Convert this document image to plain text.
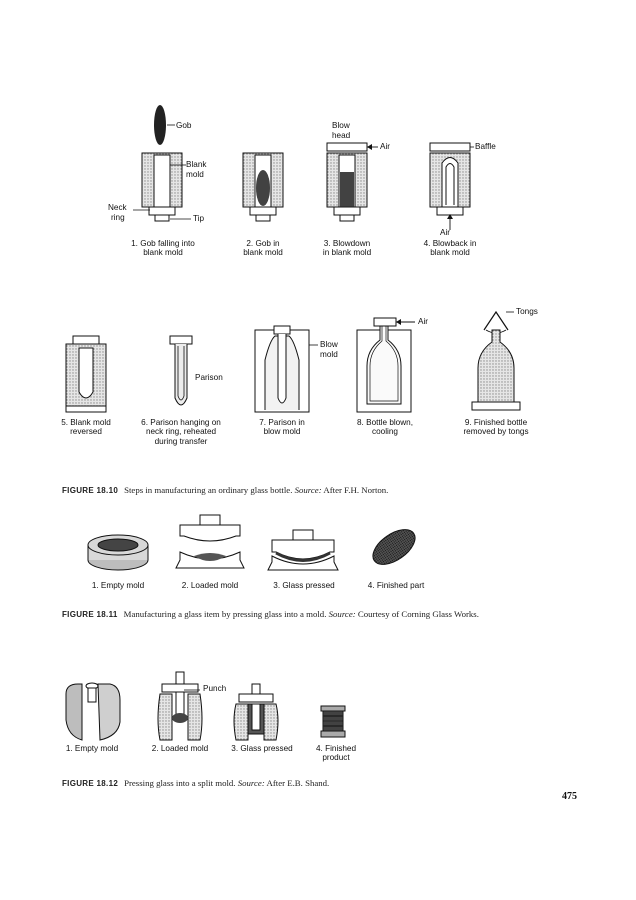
Gob
Blank
mold
Neck
ring	Tip
Blow
head
Air	Baffle
Air
Parison
Blow
mold
Air
Tongs
1. Gob falling into
blank mold
2. Gob in
blank mold
3. Blowdown
in blank mold
4. Blowback in
blank mold
5. Blank mold
reversed
6. Parison hanging on
neck ring, reheated
during transfer
7. Parison in
blow mold
8. Bottle blown,
cooling
9. Finished bottle
removed by tongs
FIGURE 18.10 Steps in manufacturing an ordinary glass bottle. Source: After F.H. Norton.
1. Empty mold	2. Loaded mold	3. Glass pressed	4. Finished part
FIGURE 18.11 Manufacturing a glass item by pressing glass into a mold. Source: Courtesy of Corning Glass Works.
Punch
1. Empty mold	2. Loaded mold	3. Glass pressed	4. Finished
product
FIGURE 18.12 Pressing glass into a split mold. Source: After E.B. Shand.
475
